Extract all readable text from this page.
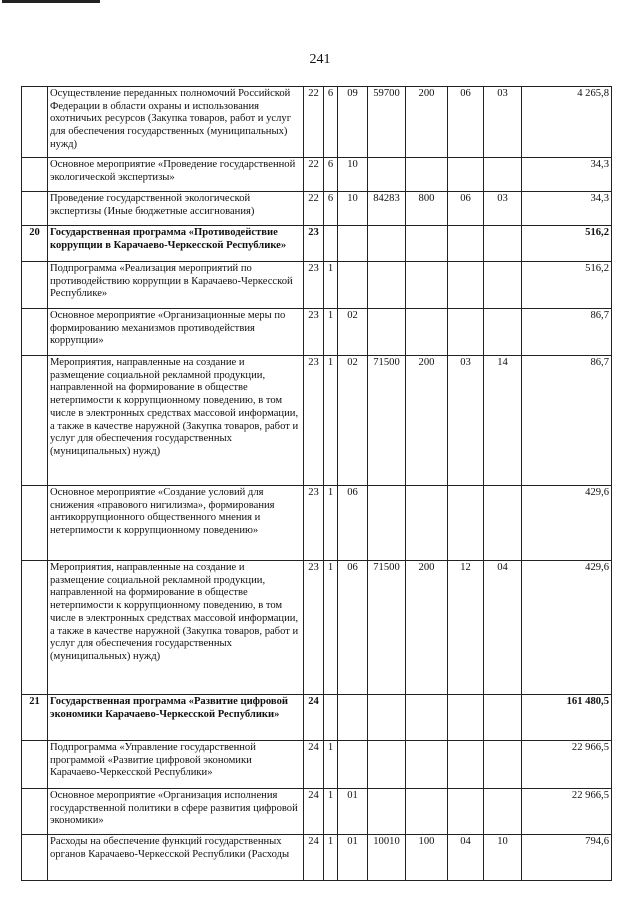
241
	Осуществление переданных полномочий Российской Федерации в области охраны и использования охотничьих ресурсов (Закупка товаров, работ и услуг для обеспечения государственных (муниципальных) нужд)	22	6	09	59700	200	06	03	4 265,8
	Основное мероприятие «Проведение государственной экологической экспертизы»	22	6	10					34,3
	Проведение государственной экологической экспертизы (Иные бюджетные ассигнования)	22	6	10	84283	800	06	03	34,3
20	Государственная программа «Противодействие коррупции в Карачаево-Черкесской Республике»	23							516,2
	Подпрограмма «Реализация мероприятий по противодействию коррупции в Карачаево-Черкесской Республике»	23	1						516,2
	Основное мероприятие «Организационные меры по формированию механизмов противодействия коррупции»	23	1	02					86,7
	Мероприятия, направленные на создание и размещение социальной рекламной продукции, направленной на формирование в обществе нетерпимости к коррупционному поведению, в том числе в электронных средствах массовой информации, а также в качестве наружной (Закупка товаров, работ и услуг для обеспечения государственных (муниципальных) нужд)	23	1	02	71500	200	03	14	86,7
	Основное мероприятие «Создание условий для снижения «правового нигилизма», формирования антикоррупционного общественного мнения и нетерпимости к коррупционному поведению»	23	1	06					429,6
	Мероприятия, направленные на создание и размещение социальной рекламной продукции, направленной на формирование в обществе нетерпимости к коррупционному поведению, в том числе в электронных средствах массовой информации, а также в качестве наружной (Закупка товаров, работ и услуг для обеспечения государственных (муниципальных) нужд)	23	1	06	71500	200	12	04	429,6
21	Государственная программа «Развитие цифровой экономики Карачаево-Черкесской Республики»	24							161 480,5
	Подпрограмма «Управление государственной программой «Развитие цифровой экономики Карачаево-Черкесской Республики»	24	1						22 966,5
	Основное мероприятие «Организация исполнения государственной политики в сфере развития цифровой экономики»	24	1	01					22 966,5
	Расходы на обеспечение функций государственных органов Карачаево-Черкесской Республики (Расходы	24	1	01	10010	100	04	10	794,6
